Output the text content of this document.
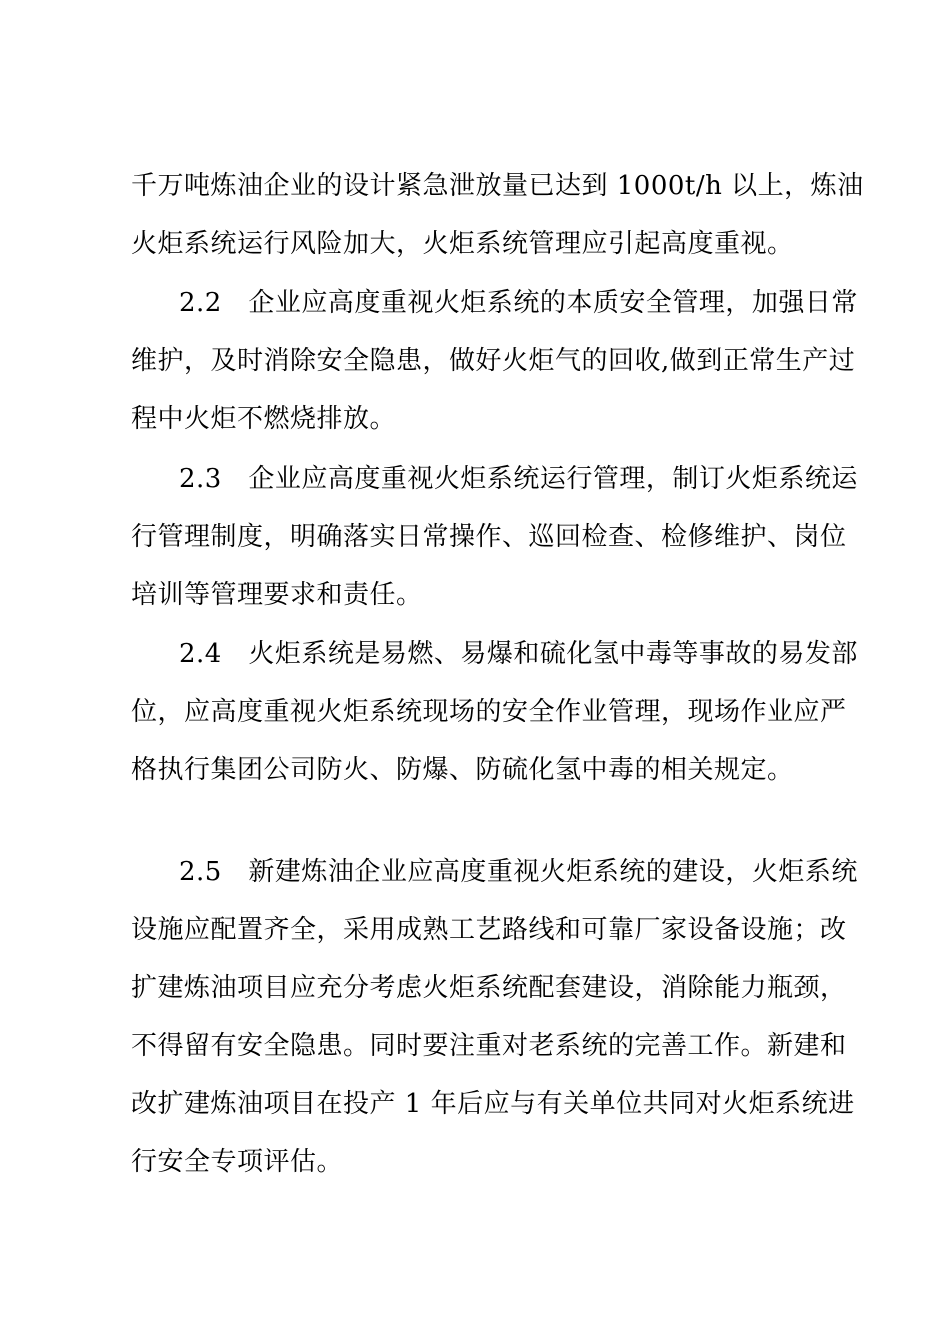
千万吨炼油企业的设计紧急泄放量已达到 1000t/h 以上，炼油
火炬系统运行风险加大，火炬系统管理应引起高度重视。

2.2　企业应高度重视火炬系统的本质安全管理，加强日常
维护，及时消除安全隐患，做好火炬气的回收,做到正常生产过
程中火炬不燃烧排放。

2.3　企业应高度重视火炬系统运行管理，制订火炬系统运
行管理制度，明确落实日常操作、巡回检查、检修维护、岗位
培训等管理要求和责任。

2.4　火炬系统是易燃、易爆和硫化氢中毒等事故的易发部
位，应高度重视火炬系统现场的安全作业管理，现场作业应严
格执行集团公司防火、防爆、防硫化氢中毒的相关规定。

2.5　新建炼油企业应高度重视火炬系统的建设，火炬系统
设施应配置齐全，采用成熟工艺路线和可靠厂家设备设施；改
扩建炼油项目应充分考虑火炬系统配套建设，消除能力瓶颈，
不得留有安全隐患。同时要注重对老系统的完善工作。新建和
改扩建炼油项目在投产 1 年后应与有关单位共同对火炬系统进
行安全专项评估。
